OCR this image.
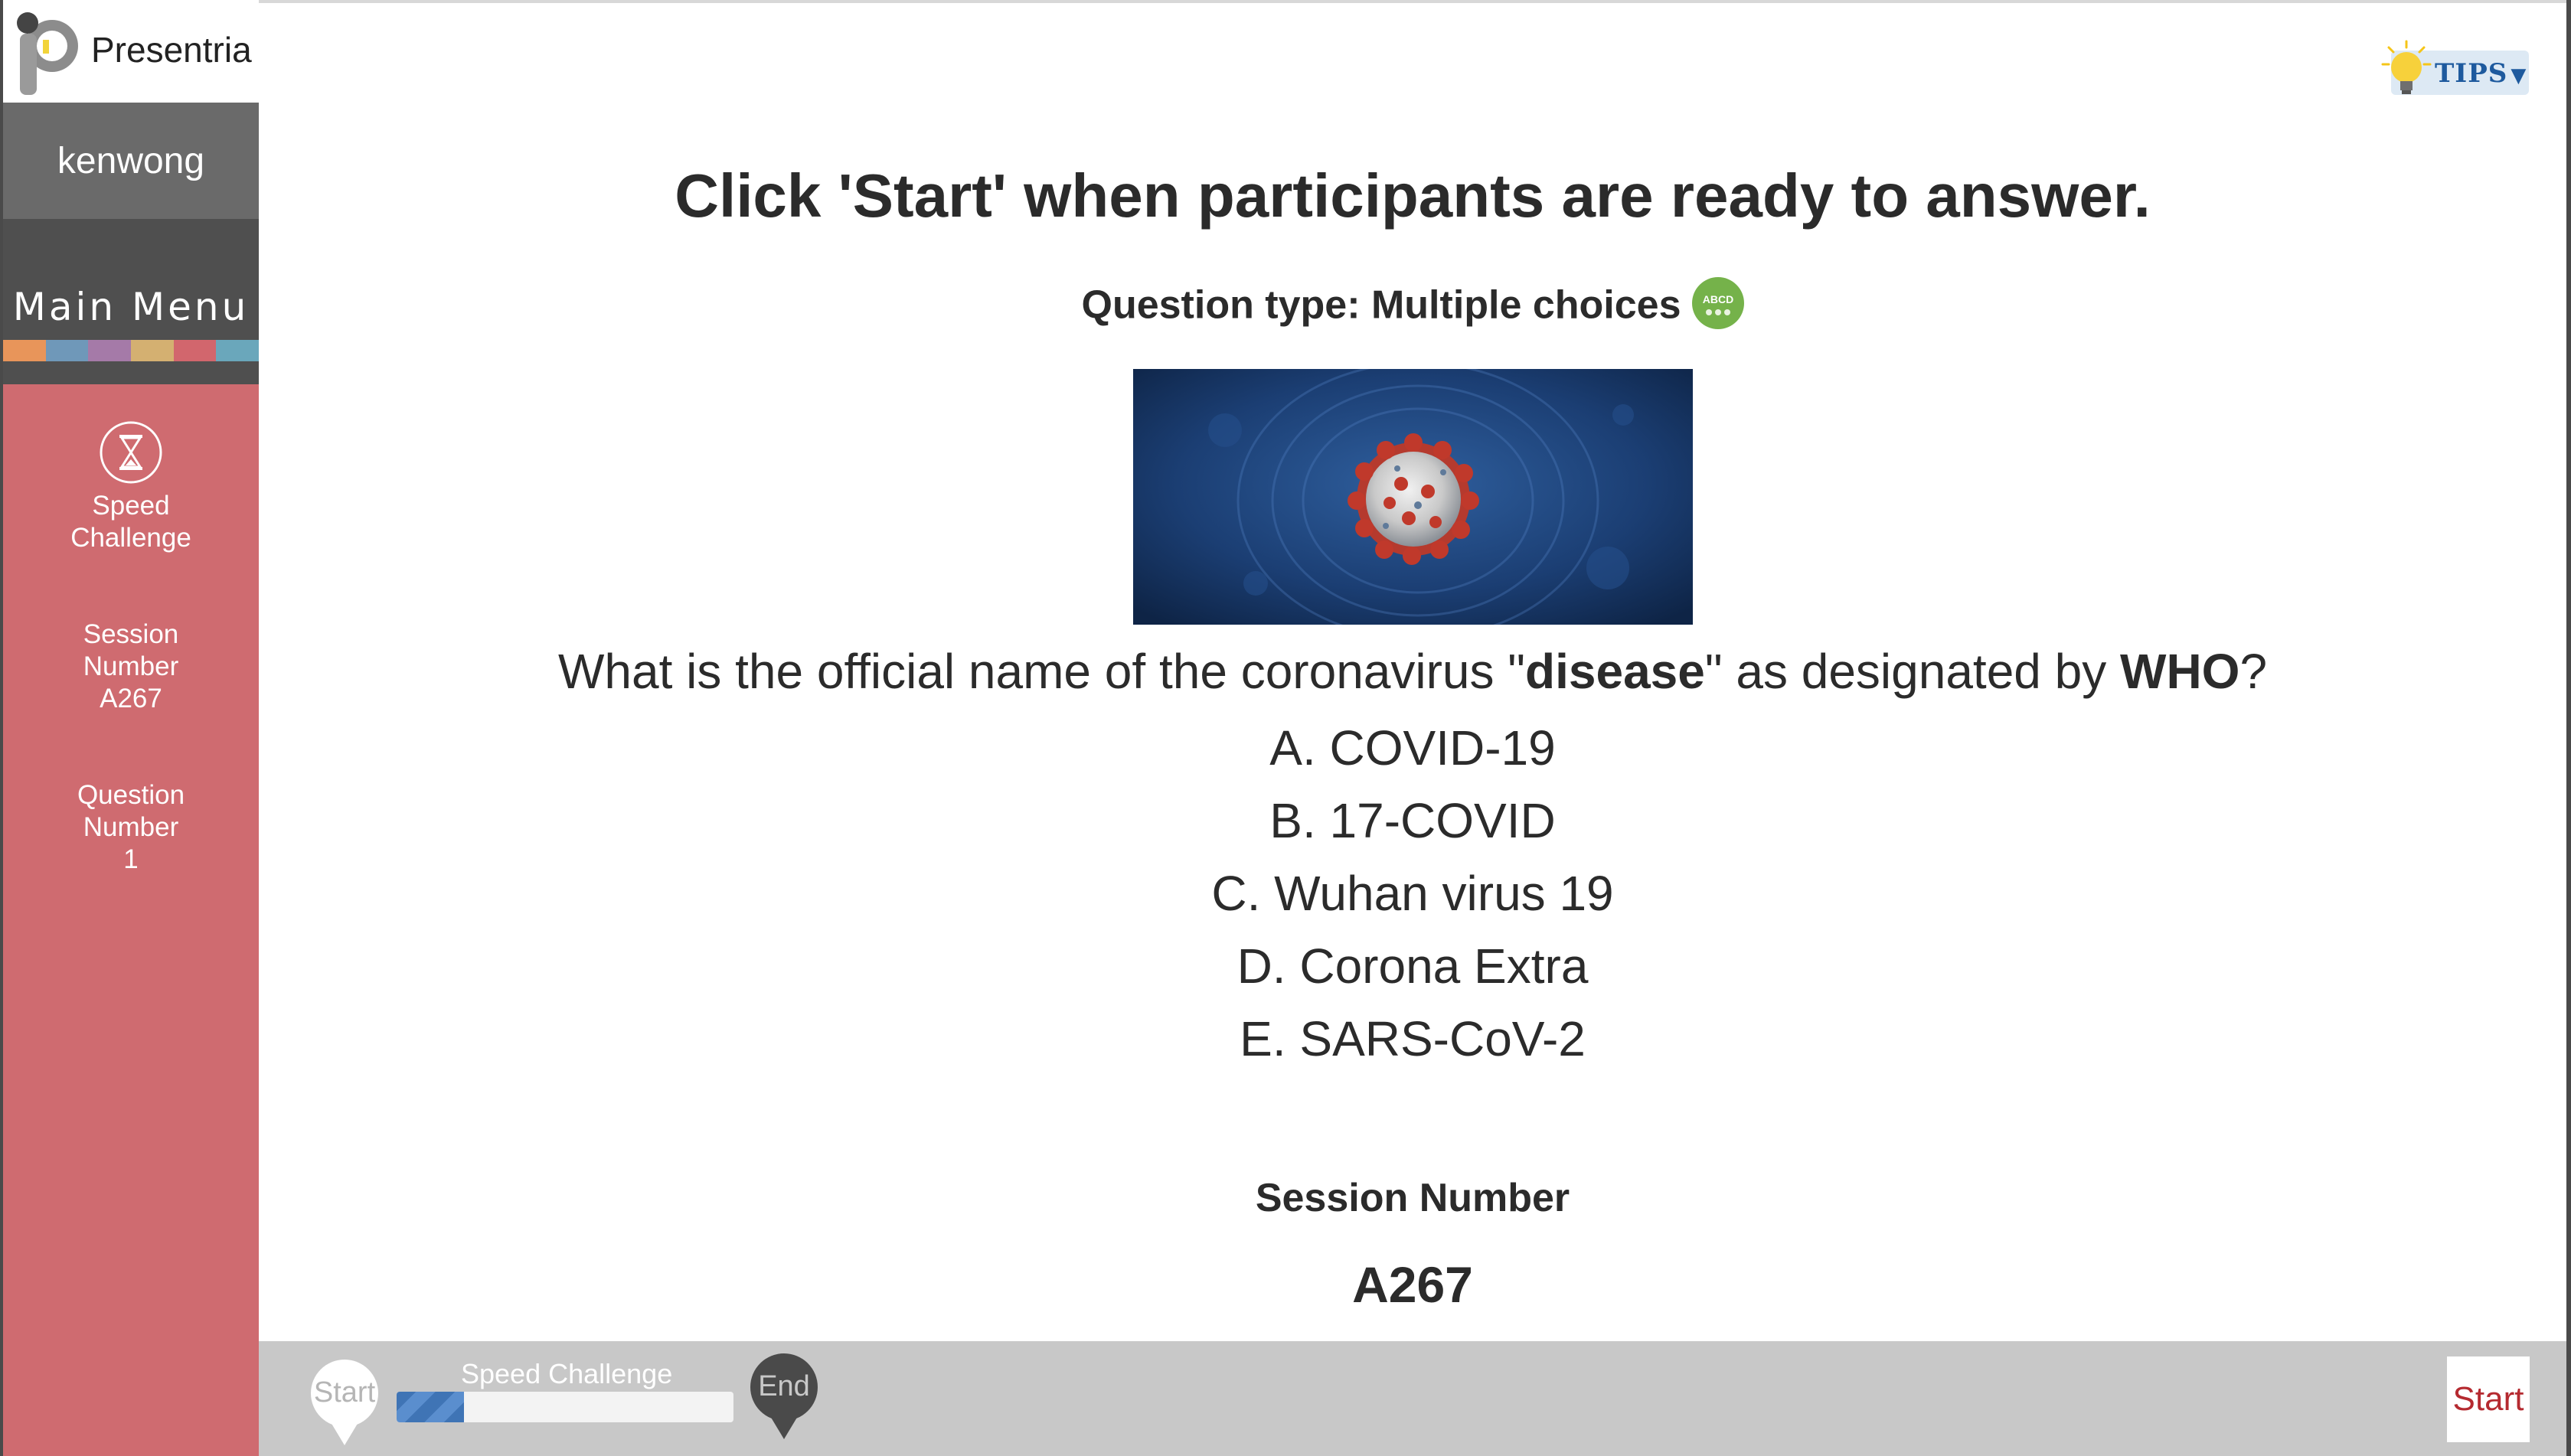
Presentria
kenwong
Main Menu
Speed
Challenge
Session
Number
A267
Question
Number
1
TIPS ▼
Click 'Start' when participants are ready to answer.
Question type: Multiple choices ABCD
What is the official name of the coronavirus "disease" as designated by WHO?
A. COVID-19
B. 17-COVID
C. Wuhan virus 19
D. Corona Extra
E. SARS-CoV-2
Session Number
A267
Start
Speed Challenge	End	Start
